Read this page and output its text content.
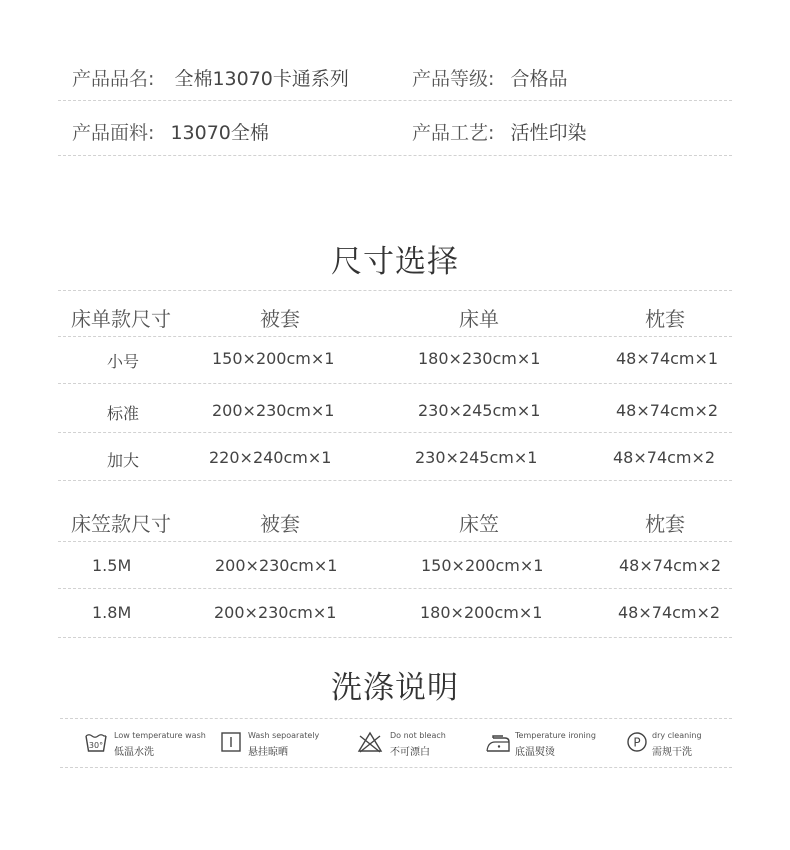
产品品名: 全棉13070卡通系列	产品等级: 合格品
产品面料: 13070全棉	产品工艺: 活性印染
尺寸选择
床单款尺寸	被套	床单	枕套
小号	150×200cm×1	180×230cm×1	48×74cm×1
标准	200×230cm×1	230×245cm×1	48×74cm×2
加大	220×240cm×1	230×245cm×1	48×74cm×2
床笠款尺寸	被套	床笠	枕套
1.5M	200×230cm×1	150×200cm×1	48×74cm×2
1.8M	200×230cm×1	180×200cm×1	48×74cm×2
洗涤说明
30°
Low temperature wash
低温水洗
Wash sepoarately
悬挂晾晒
Do not bleach
不可漂白
Temperature ironing
底温熨烫
P dry cleaning
需规干洗
